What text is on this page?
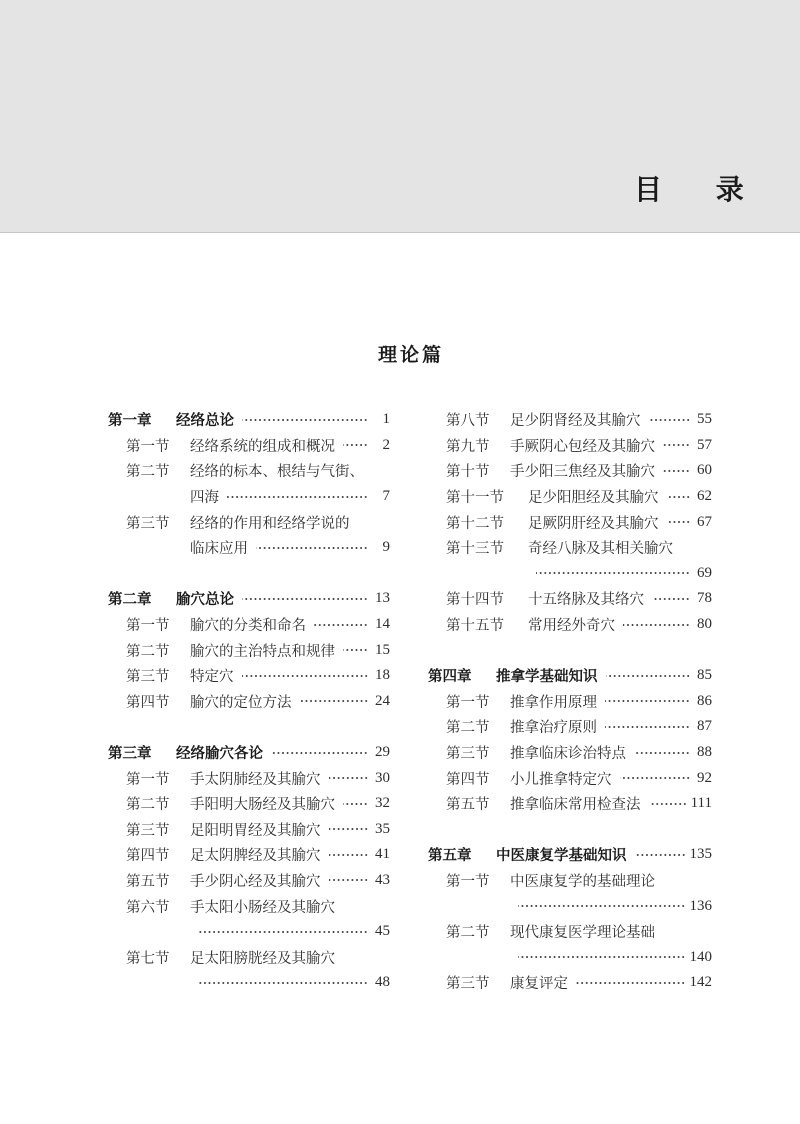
目 录
理论篇
第一章	经络总论	1
第一节	经络系统的组成和概况	2
第二节	经络的标本、根结与气街、
四海	7
第三节	经络的作用和经络学说的
临床应用	9
第二章	腧穴总论	13
第一节	腧穴的分类和命名	14
第二节	腧穴的主治特点和规律	15
第三节	特定穴	18
第四节	腧穴的定位方法	24
第三章	经络腧穴各论	29
第一节	手太阴肺经及其腧穴	30
第二节	手阳明大肠经及其腧穴	32
第三节	足阳明胃经及其腧穴	35
第四节	足太阴脾经及其腧穴	41
第五节	手少阴心经及其腧穴	43
第六节	手太阳小肠经及其腧穴
45
第七节	足太阳膀胱经及其腧穴
48
第八节	足少阴肾经及其腧穴	55
第九节	手厥阴心包经及其腧穴	57
第十节	手少阳三焦经及其腧穴	60
第十一节	足少阳胆经及其腧穴	62
第十二节	足厥阴肝经及其腧穴	67
第十三节	奇经八脉及其相关腧穴
69
第十四节	十五络脉及其络穴	78
第十五节	常用经外奇穴	80
第四章	推拿学基础知识	85
第一节	推拿作用原理	86
第二节	推拿治疗原则	87
第三节	推拿临床诊治特点	88
第四节	小儿推拿特定穴	92
第五节	推拿临床常用检查法	111
第五章	中医康复学基础知识	135
第一节	中医康复学的基础理论
136
第二节	现代康复医学理论基础
140
第三节	康复评定	142
